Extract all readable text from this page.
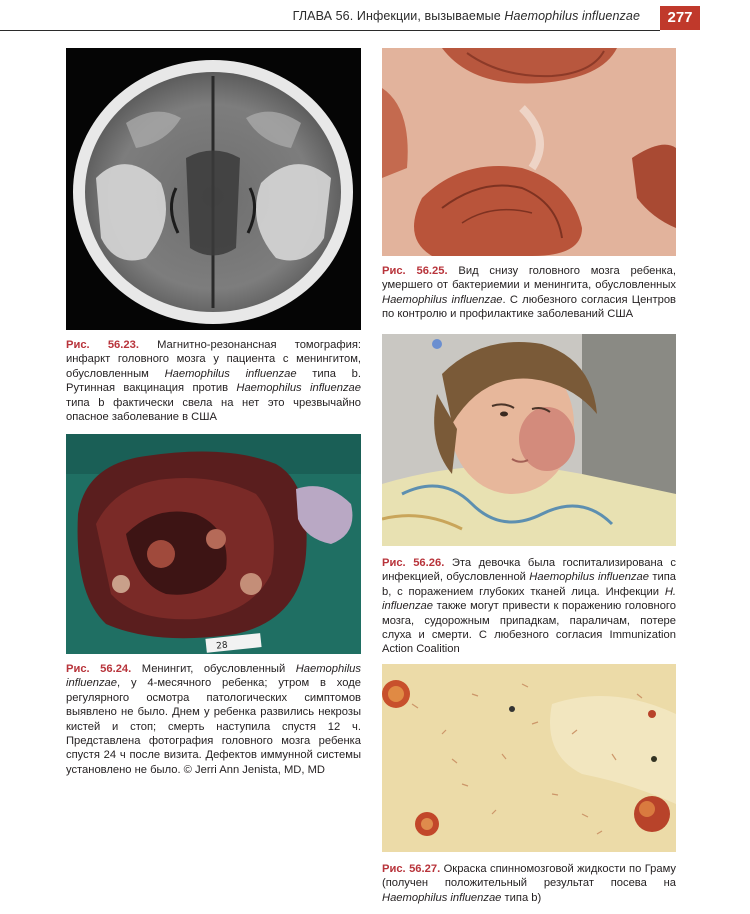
ГЛАВА 56. Инфекции, вызываемые Haemophilus influenzae	277
Рис. 56.23. Магнитно-резонансная томография: инфаркт головного мозга у пациента с менингитом, обусловленным Haemophilus influenzae типа b. Рутинная вакцинация против Haemophilus influenzae типа b фактически свела на нет это чрезвычайно опасное заболевание в США
28
Рис. 56.24. Менингит, обусловленный Haemophilus influenzae, у 4-месячного ребенка; утром в ходе регулярного осмотра патологических симптомов выявлено не было. Днем у ребенка развились некрозы кистей и стоп; смерть наступила спустя 12 ч. Представлена фотография головного мозга ребенка спустя 24 ч после визита. Дефектов иммунной системы установлено не было. © Jerri Ann Jenista, MD, MD
Рис. 56.25. Вид снизу головного мозга ребенка, умершего от бактериемии и менингита, обусловленных Haemophilus influenzae. С любезного согласия Центров по контролю и профилактике заболеваний США
Рис. 56.26. Эта девочка была госпитализирована с инфекцией, обусловленной Haemophilus influenzae типа b, с поражением глубоких тканей лица. Инфекции H. influenzae также могут привести к поражению головного мозга, судорожным припадкам, параличам, потере слуха и смерти. С любезного согласия Immunization Action Coalition
Рис. 56.27. Окраска спинномозговой жидкости по Граму (получен положительный результат посева на Haemophilus influenzae типа b)
